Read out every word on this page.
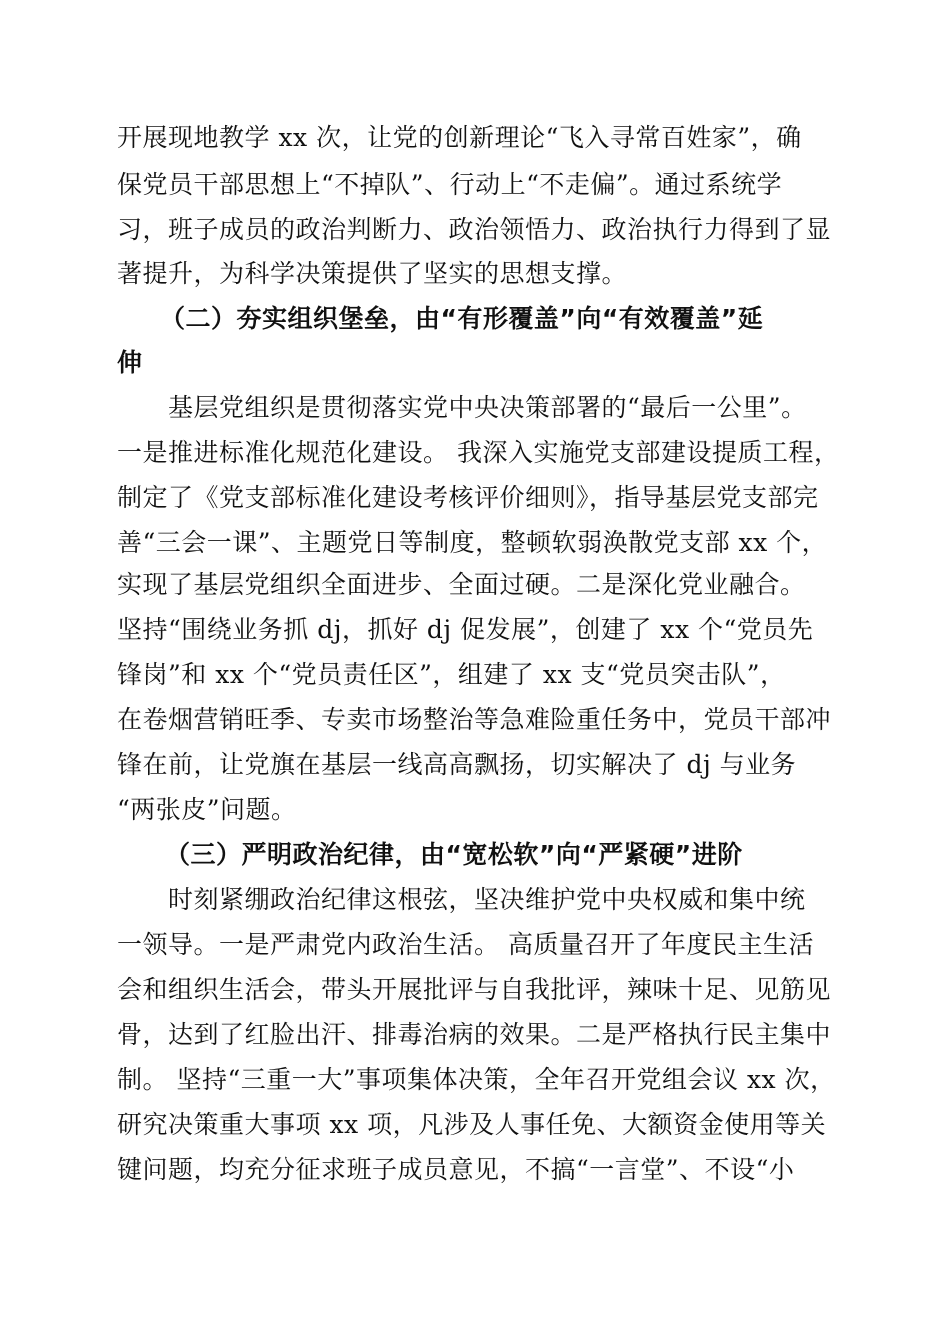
开展现地教学 xx 次，让党的创新理论“飞入寻常百姓家”，确
保党员干部思想上“不掉队”、行动上“不走偏”。通过系统学
习，班子成员的政治判断力、政治领悟力、政治执行力得到了显
著提升，为科学决策提供了坚实的思想支撑。
（二）夯实组织堡垒，由“有形覆盖”向“有效覆盖”延
伸
基层党组织是贯彻落实党中央决策部署的“最后一公里”。
一是推进标准化规范化建设。 我深入实施党支部建设提质工程，
制定了《党支部标准化建设考核评价细则》，指导基层党支部完
善“三会一课”、主题党日等制度，整顿软弱涣散党支部 xx 个，
实现了基层党组织全面进步、全面过硬。二是深化党业融合。
坚持“围绕业务抓 dj，抓好 dj 促发展”，创建了 xx 个“党员先
锋岗”和 xx 个“党员责任区”，组建了 xx 支“党员突击队”，
在卷烟营销旺季、专卖市场整治等急难险重任务中，党员干部冲
锋在前，让党旗在基层一线高高飘扬，切实解决了 dj 与业务
“两张皮”问题。
（三）严明政治纪律，由“宽松软”向“严紧硬”进阶
时刻紧绷政治纪律这根弦，坚决维护党中央权威和集中统
一领导。一是严肃党内政治生活。 高质量召开了年度民主生活
会和组织生活会，带头开展批评与自我批评，辣味十足、见筋见
骨，达到了红脸出汗、排毒治病的效果。二是严格执行民主集中
制。 坚持“三重一大”事项集体决策，全年召开党组会议 xx 次，
研究决策重大事项 xx 项，凡涉及人事任免、大额资金使用等关
键问题，均充分征求班子成员意见，不搞“一言堂”、不设“小
